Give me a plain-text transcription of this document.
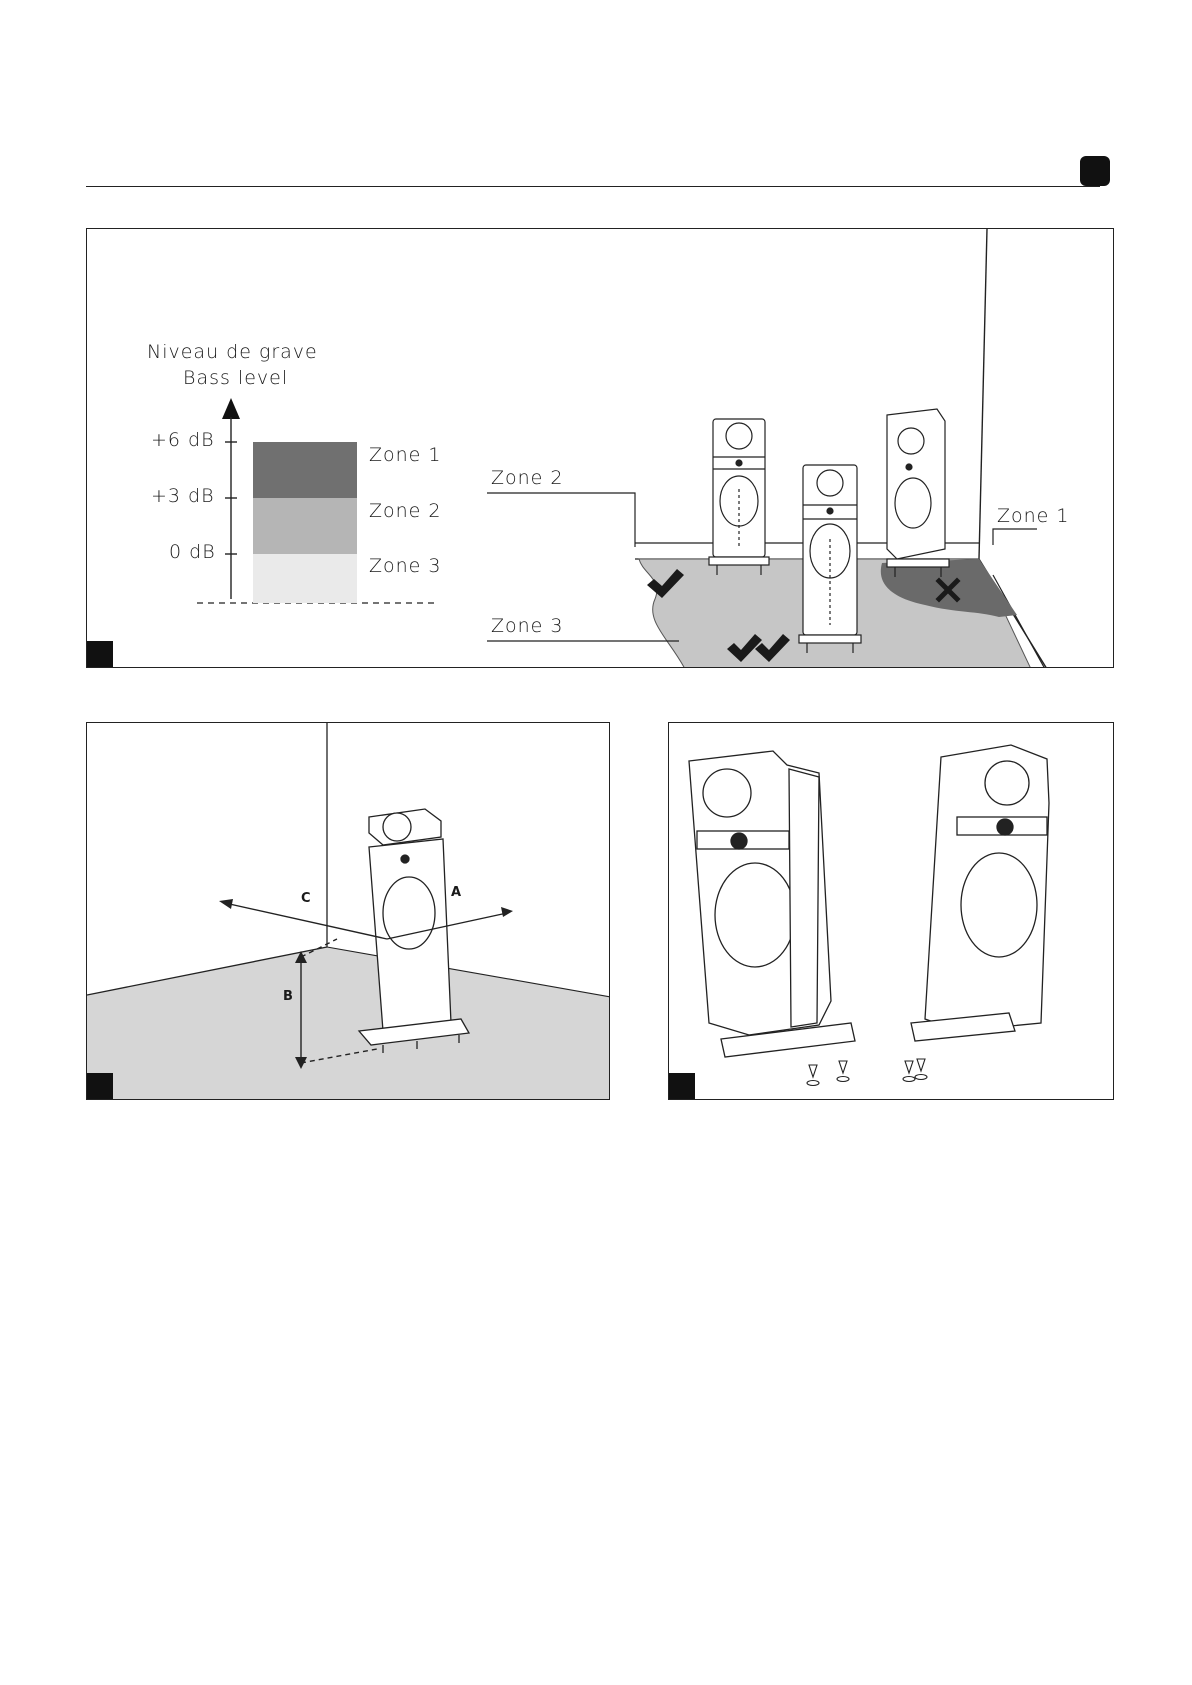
Niveau de grave
Bass level
+6 dB
+3 dB
0 dB
Zone 1
Zone 2
Zone 3
Zone 2
Zone 3
Zone 1
C	A
B
